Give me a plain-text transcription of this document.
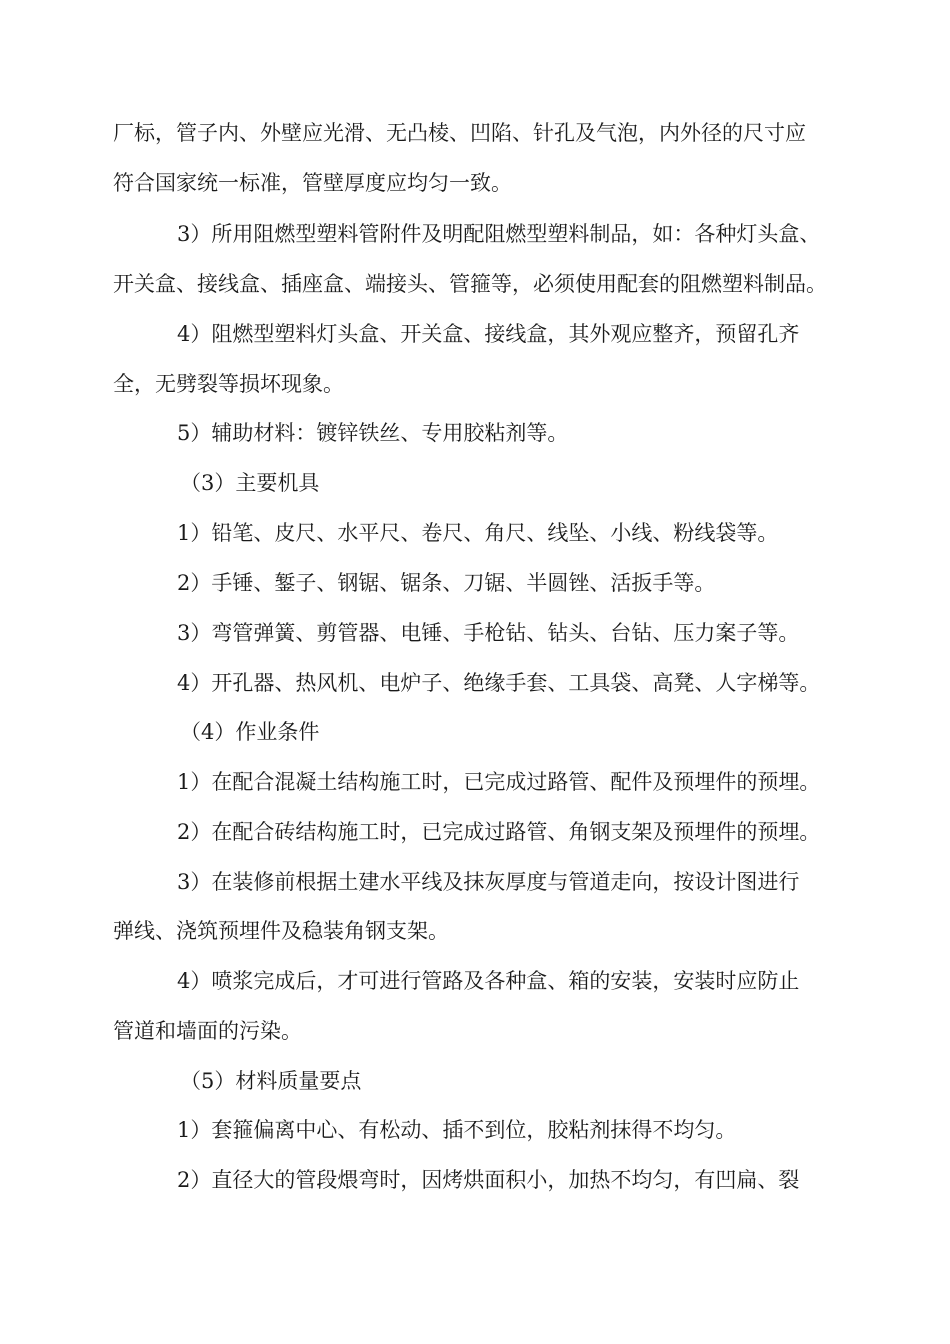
厂标，管子内、外壁应光滑、无凸棱、凹陷、针孔及气泡，内外径的尺寸应
符合国家统一标准，管壁厚度应均匀一致。
3）所用阻燃型塑料管附件及明配阻燃型塑料制品，如：各种灯头盒、
开关盒、接线盒、插座盒、端接头、管箍等，必须使用配套的阻燃塑料制品。
4）阻燃型塑料灯头盒、开关盒、接线盒，其外观应整齐，预留孔齐
全，无劈裂等损坏现象。
5）辅助材料：镀锌铁丝、专用胶粘剂等。
（3）主要机具
1）铅笔、皮尺、水平尺、卷尺、角尺、线坠、小线、粉线袋等。
2）手锤、錾子、钢锯、锯条、刀锯、半圆锉、活扳手等。
3）弯管弹簧、剪管器、电锤、手枪钻、钻头、台钻、压力案子等。
4）开孔器、热风机、电炉子、绝缘手套、工具袋、高凳、人字梯等。
（4）作业条件
1）在配合混凝土结构施工时，已完成过路管、配件及预埋件的预埋。
2）在配合砖结构施工时，已完成过路管、角钢支架及预埋件的预埋。
3）在装修前根据土建水平线及抹灰厚度与管道走向，按设计图进行
弹线、浇筑预埋件及稳装角钢支架。
4）喷浆完成后，才可进行管路及各种盒、箱的安装，安装时应防止
管道和墙面的污染。
（5）材料质量要点
1）套箍偏离中心、有松动、插不到位，胶粘剂抹得不均匀。
2）直径大的管段煨弯时，因烤烘面积小，加热不均匀，有凹扁、裂
